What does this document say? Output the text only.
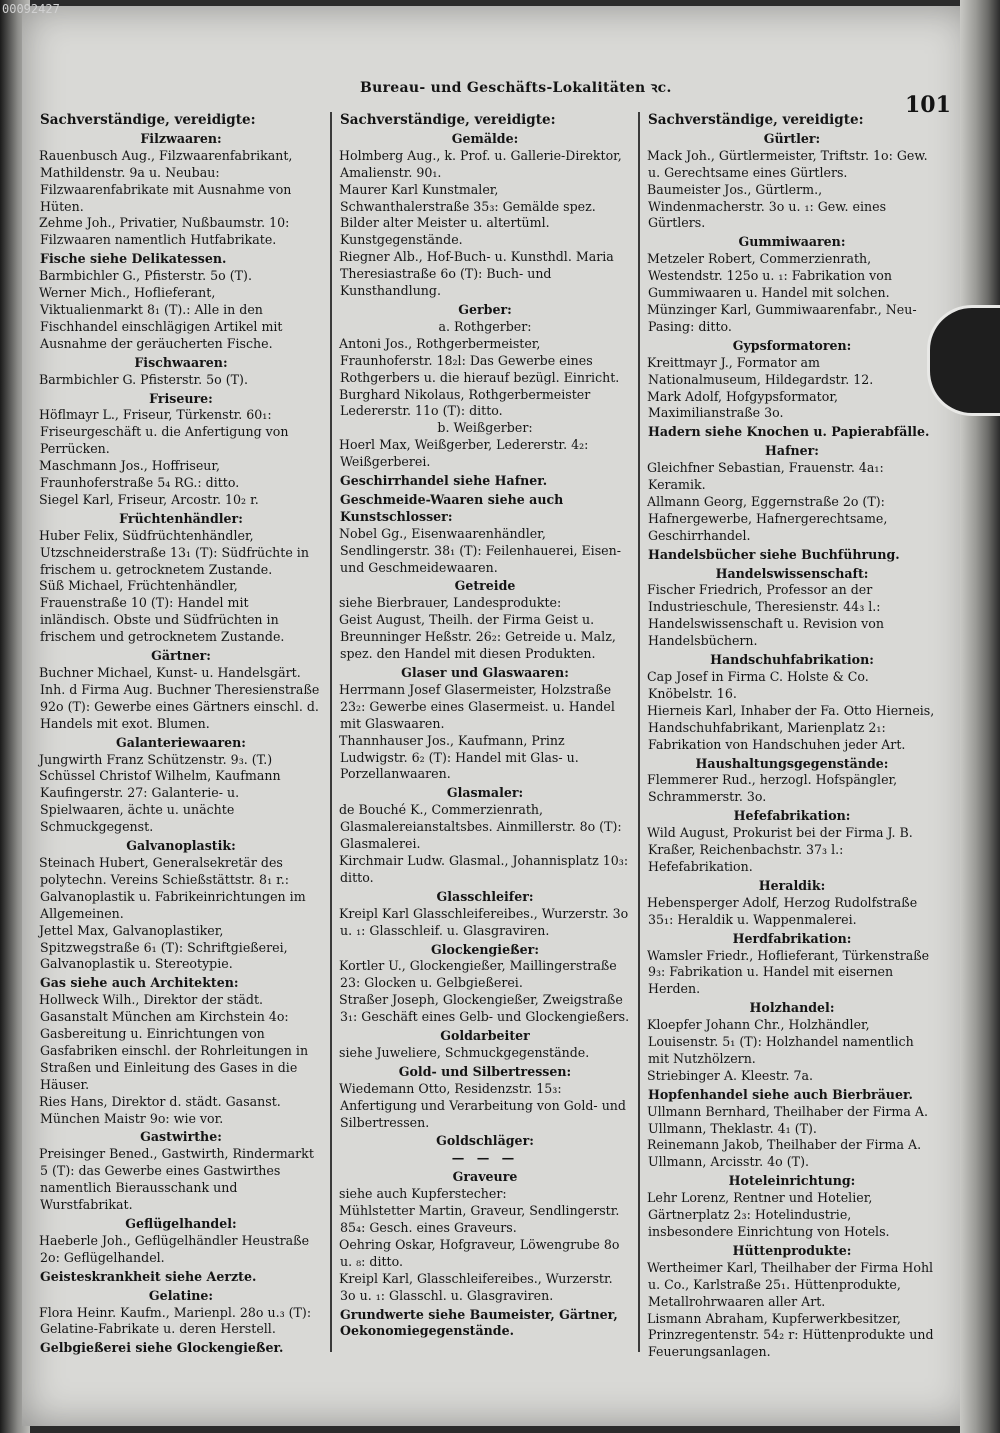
00092427
Bureau- und Geschäfts-Lokalitäten ꝛc.
101
Sachverständige, vereidigte:
Filzwaaren:
Rauenbusch Aug., Filzwaarenfabrikant, Mathildenstr. 9a u. Neubau: Filzwaarenfabrikate mit Ausnahme von Hüten.
Zehme Joh., Privatier, Nußbaumstr. 10: Filzwaaren namentlich Hutfabrikate.
Fische siehe Delikatessen.
Barmbichler G., Pfisterstr. 5o (T).
Werner Mich., Hoflieferant, Viktualienmarkt 8₁ (T).: Alle in den Fischhandel einschlägigen Artikel mit Ausnahme der geräucherten Fische.
Fischwaaren:
Barmbichler G. Pfisterstr. 5o (T).
Friseure:
Höflmayr L., Friseur, Türkenstr. 60₁: Friseurgeschäft u. die Anfertigung von Perrücken.
Maschmann Jos., Hoffriseur, Fraunhoferstraße 5₄ RG.: ditto.
Siegel Karl, Friseur, Arcostr. 10₂ r.
Früchtenhändler:
Huber Felix, Südfrüchtenhändler, Utzschneiderstraße 13₁ (T): Südfrüchte in frischem u. getrocknetem Zustande.
Süß Michael, Früchtenhändler, Frauenstraße 10 (T): Handel mit inländisch. Obste und Südfrüchten in frischem und getrocknetem Zustande.
Gärtner:
Buchner Michael, Kunst- u. Handelsgärt. Inh. d Firma Aug. Buchner Theresienstraße 92o (T): Gewerbe eines Gärtners einschl. d. Handels mit exot. Blumen.
Galanteriewaaren:
Jungwirth Franz Schützenstr. 9₃. (T.)
Schüssel Christof Wilhelm, Kaufmann Kaufingerstr. 27: Galanterie- u. Spielwaaren, ächte u. unächte Schmuckgegenst.
Galvanoplastik:
Steinach Hubert, Generalsekretär des polytechn. Vereins Schießstättstr. 8₁ r.: Galvanoplastik u. Fabrikeinrichtungen im Allgemeinen.
Jettel Max, Galvanoplastiker, Spitzwegstraße 6₁ (T): Schriftgießerei, Galvanoplastik u. Stereotypie.
Gas siehe auch Architekten:
Hollweck Wilh., Direktor der städt. Gasanstalt München am Kirchstein 4o: Gasbereitung u. Einrichtungen von Gasfabriken einschl. der Rohrleitungen in Straßen und Einleitung des Gases in die Häuser.
Ries Hans, Direktor d. städt. Gasanst. München Maistr 9o: wie vor.
Gastwirthe:
Preisinger Bened., Gastwirth, Rindermarkt 5 (T): das Gewerbe eines Gastwirthes namentlich Bierausschank und Wurstfabrikat.
Geflügelhandel:
Haeberle Joh., Geflügelhändler Heustraße 2o: Geflügelhandel.
Geisteskrankheit siehe Aerzte.
Gelatine:
Flora Heinr. Kaufm., Marienpl. 28o u.₃ (T): Gelatine-Fabrikate u. deren Herstell.
Gelbgießerei siehe Glockengießer.
Sachverständige, vereidigte:
Gemälde:
Holmberg Aug., k. Prof. u. Gallerie-Direktor, Amalienstr. 90₁.
Maurer Karl Kunstmaler, Schwanthalerstraße 35₃: Gemälde spez. Bilder alter Meister u. altertüml. Kunstgegenstände.
Riegner Alb., Hof-Buch- u. Kunsthdl. Maria Theresiastraße 6o (T): Buch- und Kunsthandlung.
Gerber:
a. Rothgerber:
Antoni Jos., Rothgerbermeister, Fraunhoferstr. 18₂l: Das Gewerbe eines Rothgerbers u. die hierauf bezügl. Einricht.
Burghard Nikolaus, Rothgerbermeister Ledererstr. 11o (T): ditto.
b. Weißgerber:
Hoerl Max, Weißgerber, Ledererstr. 4₂: Weißgerberei.
Geschirrhandel siehe Hafner.
Geschmeide-Waaren siehe auch Kunstschlosser:
Nobel Gg., Eisenwaarenhändler, Sendlingerstr. 38₁ (T): Feilenhauerei, Eisen- und Geschmeidewaaren.
Getreide
siehe Bierbrauer, Landesprodukte:
Geist August, Theilh. der Firma Geist u. Breunninger Heßstr. 26₂: Getreide u. Malz, spez. den Handel mit diesen Produkten.
Glaser und Glaswaaren:
Herrmann Josef Glasermeister, Holzstraße 23₂: Gewerbe eines Glasermeist. u. Handel mit Glaswaaren.
Thannhauser Jos., Kaufmann, Prinz Ludwigstr. 6₂ (T): Handel mit Glas- u. Porzellanwaaren.
Glasmaler:
de Bouché K., Commerzienrath, Glasmalereianstaltsbes. Ainmillerstr. 8o (T): Glasmalerei.
Kirchmair Ludw. Glasmal., Johannisplatz 10₃: ditto.
Glasschleifer:
Kreipl Karl Glasschleifereibes., Wurzerstr. 3o u. ₁: Glasschleif. u. Glasgraviren.
Glockengießer:
Kortler U., Glockengießer, Maillingerstraße 23: Glocken u. Gelbgießerei.
Straßer Joseph, Glockengießer, Zweigstraße 3₁: Geschäft eines Gelb- und Glockengießers.
Goldarbeiter
siehe Juweliere, Schmuckgegenstände.
Gold- und Silbertressen:
Wiedemann Otto, Residenzstr. 15₃: Anfertigung und Verarbeitung von Gold- und Silbertressen.
Goldschläger:
— — —
Graveure
siehe auch Kupferstecher:
Mühlstetter Martin, Graveur, Sendlingerstr. 85₄: Gesch. eines Graveurs.
Oehring Oskar, Hofgraveur, Löwengrube 8o u. ₈: ditto.
Kreipl Karl, Glasschleifereibes., Wurzerstr. 3o u. ₁: Glasschl. u. Glasgraviren.
Grundwerte siehe Baumeister, Gärtner, Oekonomiegegenstände.
Sachverständige, vereidigte:
Gürtler:
Mack Joh., Gürtlermeister, Triftstr. 1o: Gew. u. Gerechtsame eines Gürtlers.
Baumeister Jos., Gürtlerm., Windenmacherstr. 3o u. ₁: Gew. eines Gürtlers.
Gummiwaaren:
Metzeler Robert, Commerzienrath, Westendstr. 125o u. ₁: Fabrikation von Gummiwaaren u. Handel mit solchen.
Münzinger Karl, Gummiwaarenfabr., Neu-Pasing: ditto.
Gypsformatoren:
Kreittmayr J., Formator am Nationalmuseum, Hildegardstr. 12.
Mark Adolf, Hofgypsformator, Maximilianstraße 3o.
Hadern siehe Knochen u. Papierabfälle.
Hafner:
Gleichfner Sebastian, Frauenstr. 4a₁: Keramik.
Allmann Georg, Eggernstraße 2o (T): Hafnergewerbe, Hafnergerechtsame, Geschirrhandel.
Handelsbücher siehe Buchführung.
Handelswissenschaft:
Fischer Friedrich, Professor an der Industrieschule, Theresienstr. 44₃ l.: Handelswissenschaft u. Revision von Handelsbüchern.
Handschuhfabrikation:
Cap Josef in Firma C. Holste & Co. Knöbelstr. 16.
Hierneis Karl, Inhaber der Fa. Otto Hierneis, Handschuhfabrikant, Marienplatz 2₁: Fabrikation von Handschuhen jeder Art.
Haushaltungsgegenstände:
Flemmerer Rud., herzogl. Hofspängler, Schrammerstr. 3o.
Hefefabrikation:
Wild August, Prokurist bei der Firma J. B. Kraßer, Reichenbachstr. 37₃ l.: Hefefabrikation.
Heraldik:
Hebensperger Adolf, Herzog Rudolfstraße 35₁: Heraldik u. Wappenmalerei.
Herdfabrikation:
Wamsler Friedr., Hoflieferant, Türkenstraße 9₃: Fabrikation u. Handel mit eisernen Herden.
Holzhandel:
Kloepfer Johann Chr., Holzhändler, Louisenstr. 5₁ (T): Holzhandel namentlich mit Nutzhölzern.
Striebinger A. Kleestr. 7a.
Hopfenhandel siehe auch Bierbräuer.
Ullmann Bernhard, Theilhaber der Firma A. Ullmann, Theklastr. 4₁ (T).
Reinemann Jakob, Theilhaber der Firma A. Ullmann, Arcisstr. 4o (T).
Hoteleinrichtung:
Lehr Lorenz, Rentner und Hotelier, Gärtnerplatz 2₃: Hotelindustrie, insbesondere Einrichtung von Hotels.
Hüttenprodukte:
Wertheimer Karl, Theilhaber der Firma Hohl u. Co., Karlstraße 25₁. Hüttenprodukte, Metallrohrwaaren aller Art.
Lismann Abraham, Kupferwerkbesitzer, Prinzregentenstr. 54₂ r: Hüttenprodukte und Feuerungsanlagen.
